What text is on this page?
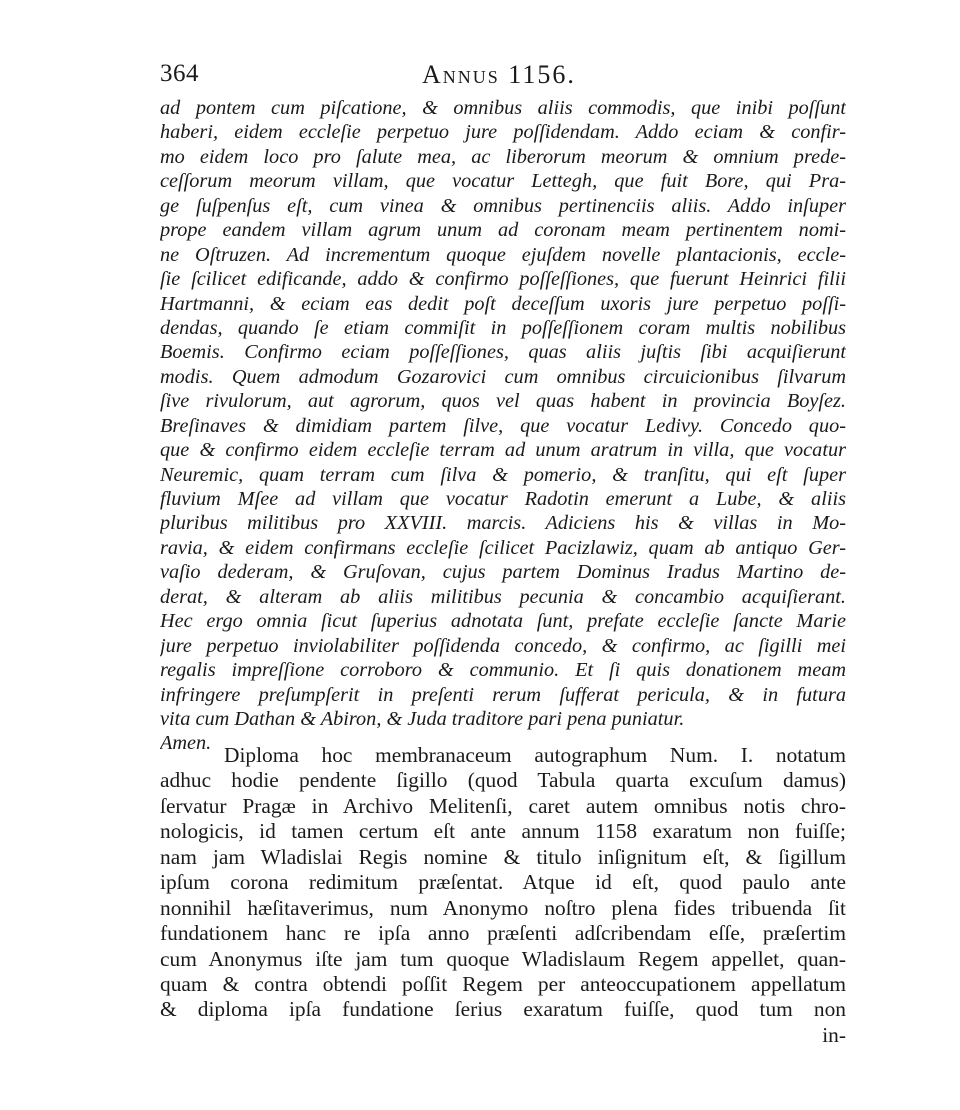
364	Annus 1156.
ad pontem cum piſcatione, & omnibus aliis commodis, que inibi poſſunt
haberi, eidem eccleſie perpetuo jure poſſidendam. Addo eciam & confir-
mo eidem loco pro ſalute mea, ac liberorum meorum & omnium prede-
ceſſorum meorum villam, que vocatur Lettegh, que fuit Bore, qui Pra-
ge ſuſpenſus eſt, cum vinea & omnibus pertinenciis aliis. Addo inſuper
prope eandem villam agrum unum ad coronam meam pertinentem nomi-
ne Oſtruzen. Ad incrementum quoque ejuſdem novelle plantacionis, eccle-
ſie ſcilicet edificande, addo & confirmo poſſeſſiones, que fuerunt Heinrici filii
Hartmanni, & eciam eas dedit poſt deceſſum uxoris jure perpetuo poſſi-
dendas, quando ſe etiam commiſit in poſſeſſionem coram multis nobilibus
Boemis. Confirmo eciam poſſeſſiones, quas aliis juſtis ſibi acquiſierunt
modis. Quem admodum Gozarovici cum omnibus circuicionibus ſilvarum
ſive rivulorum, aut agrorum, quos vel quas habent in provincia Boyſez.
Breſinaves & dimidiam partem ſilve, que vocatur Ledivy. Concedo quo-
que & confirmo eidem eccleſie terram ad unum aratrum in villa, que vocatur
Neuremic, quam terram cum ſilva & pomerio, & tranſitu, qui eſt ſuper
fluvium Mſee ad villam que vocatur Radotin emerunt a Lube, & aliis
pluribus militibus pro XXVIII. marcis. Adiciens his & villas in Mo-
ravia, & eidem confirmans eccleſie ſcilicet Pacizlawiz, quam ab antiquo Ger-
vaſio dederam, & Gruſovan, cujus partem Dominus Iradus Martino de-
derat, & alteram ab aliis militibus pecunia & concambio acquiſierant.
Hec ergo omnia ſicut ſuperius adnotata ſunt, prefate eccleſie ſancte Marie
jure perpetuo inviolabiliter poſſidenda concedo, & confirmo, ac ſigilli mei
regalis impreſſione corroboro & communio. Et ſi quis donationem meam
infringere preſumpſerit in preſenti rerum ſufferat pericula, & in futura
vita cum Dathan & Abiron, & Juda traditore pari pena puniatur.
Amen. Diploma hoc membranaceum autographum Num. I. notatum
adhuc hodie pendente ſigillo (quod Tabula quarta excuſum damus)
ſervatur Pragæ in Archivo Melitenſi, caret autem omnibus notis chro-
nologicis, id tamen certum eſt ante annum 1158 exaratum non fuiſſe;
nam jam Wladislai Regis nomine & titulo inſignitum eſt, & ſigillum
ipſum corona redimitum præſentat. Atque id eſt, quod paulo ante
nonnihil hæſitaverimus, num Anonymo noſtro plena fides tribuenda ſit
fundationem hanc re ipſa anno præſenti adſcribendam eſſe, præſertim
cum Anonymus iſte jam tum quoque Wladislaum Regem appellet, quan-
quam & contra obtendi poſſit Regem per anteoccupationem appellatum
& diploma ipſa fundatione ſerius exaratum fuiſſe, quod tum non
in-
